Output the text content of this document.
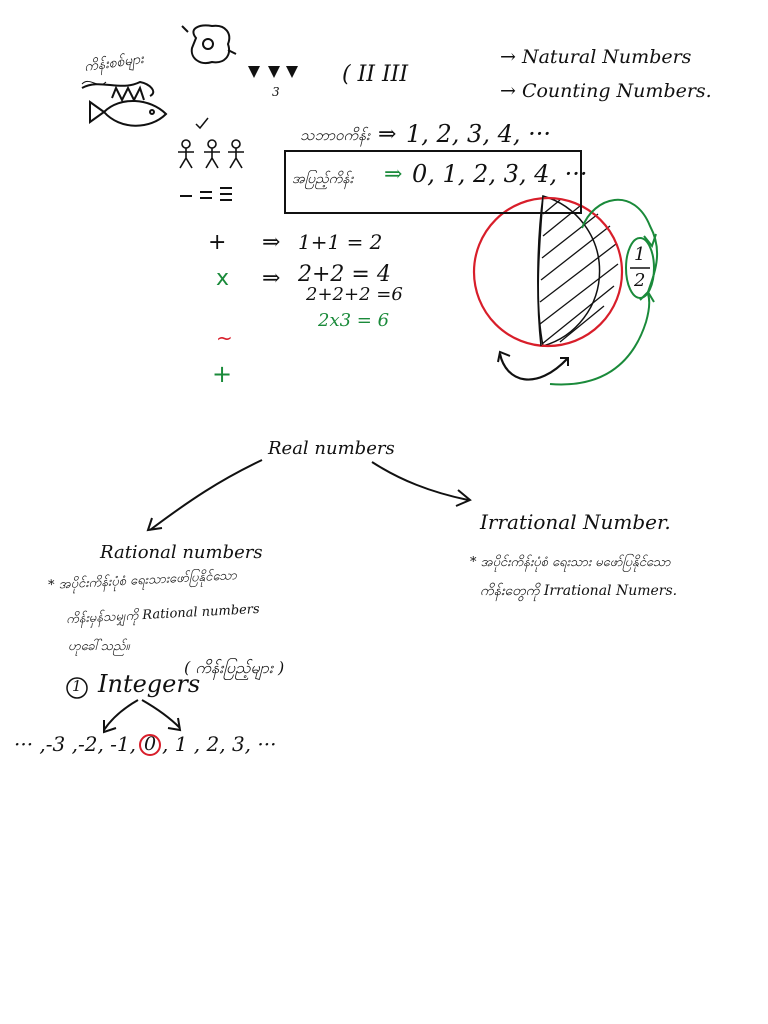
ကိန်းစစ်များ
3
( II III
→ Natural Numbers
→ Counting Numbers.
သဘာဝကိန်း ⇒ 1, 2, 3, 4, ···
အပြည့်ကိန်း ⇒ 0, 1, 2, 3, 4, ···
+ ⇒ 1+1 = 2
x ⇒ 2+2 = 4
2+2+2 =6
2x3 = 6
~
+
1
2
Real numbers
Rational numbers
Irrational Number.
* အပိုင်းကိန်းပုံစံ ရေးသားဖော်ပြနိုင်သော
ကိန်းမှန်သမျှကို Rational numbers
ဟုခေါ်သည်။
* အပိုင်းကိန်းပုံစံ ရေးသား မဖော်ပြနိုင်သော
ကိန်းတွေကို Irrational Numers.
1 Integers
( ကိန်းပြည့်များ )
··· ,-3 ,-2, -1, 0 , 1 , 2, 3, ···
